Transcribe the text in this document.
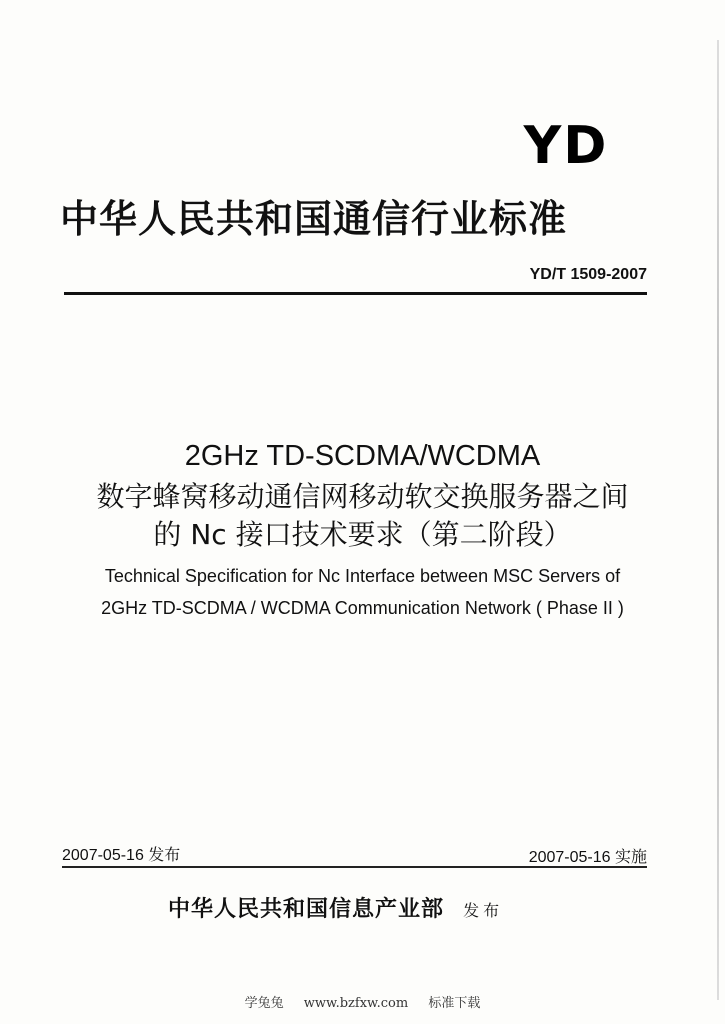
YD
中华人民共和国通信行业标准
YD/T 1509-2007
2GHz TD-SCDMA/WCDMA
数字蜂窝移动通信网移动软交换服务器之间
的 Nc 接口技术要求（第二阶段）
Technical Specification for Nc Interface between MSC Servers of
2GHz TD-SCDMA / WCDMA Communication Network ( Phase II )
2007-05-16 发布	2007-05-16 实施
中华人民共和国信息产业部 发布
学兔兔 www.bzfxw.com 标准下载
